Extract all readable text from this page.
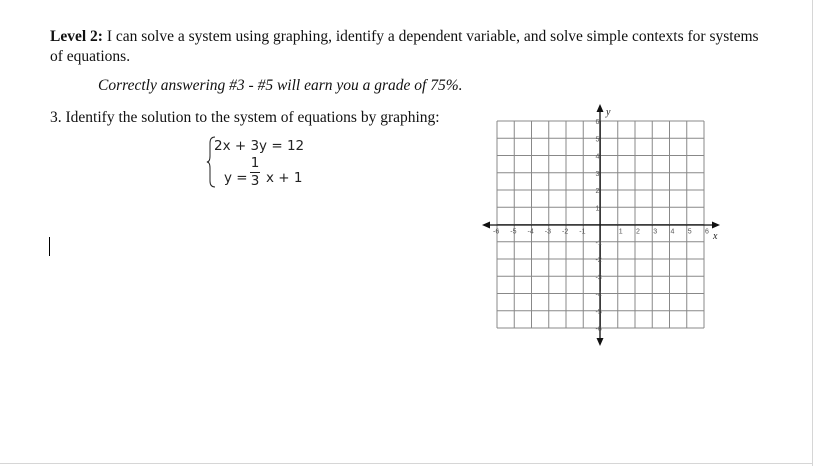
Level 2: I can solve a system using graphing, identify a dependent variable, and solve simple contexts for systems of equations.
Correctly answering #3 - #5 will earn you a grade of 75%.
3. Identify the solution to the system of equations by graphing:
2x + 3y = 12
y =
1
3 x + 1
x
y
-6 -5 -4 -3 -2 -1	1 2 3 4 5 6
6
5
4
3
2
1
-1
-2
-3
-4
-5
-6
